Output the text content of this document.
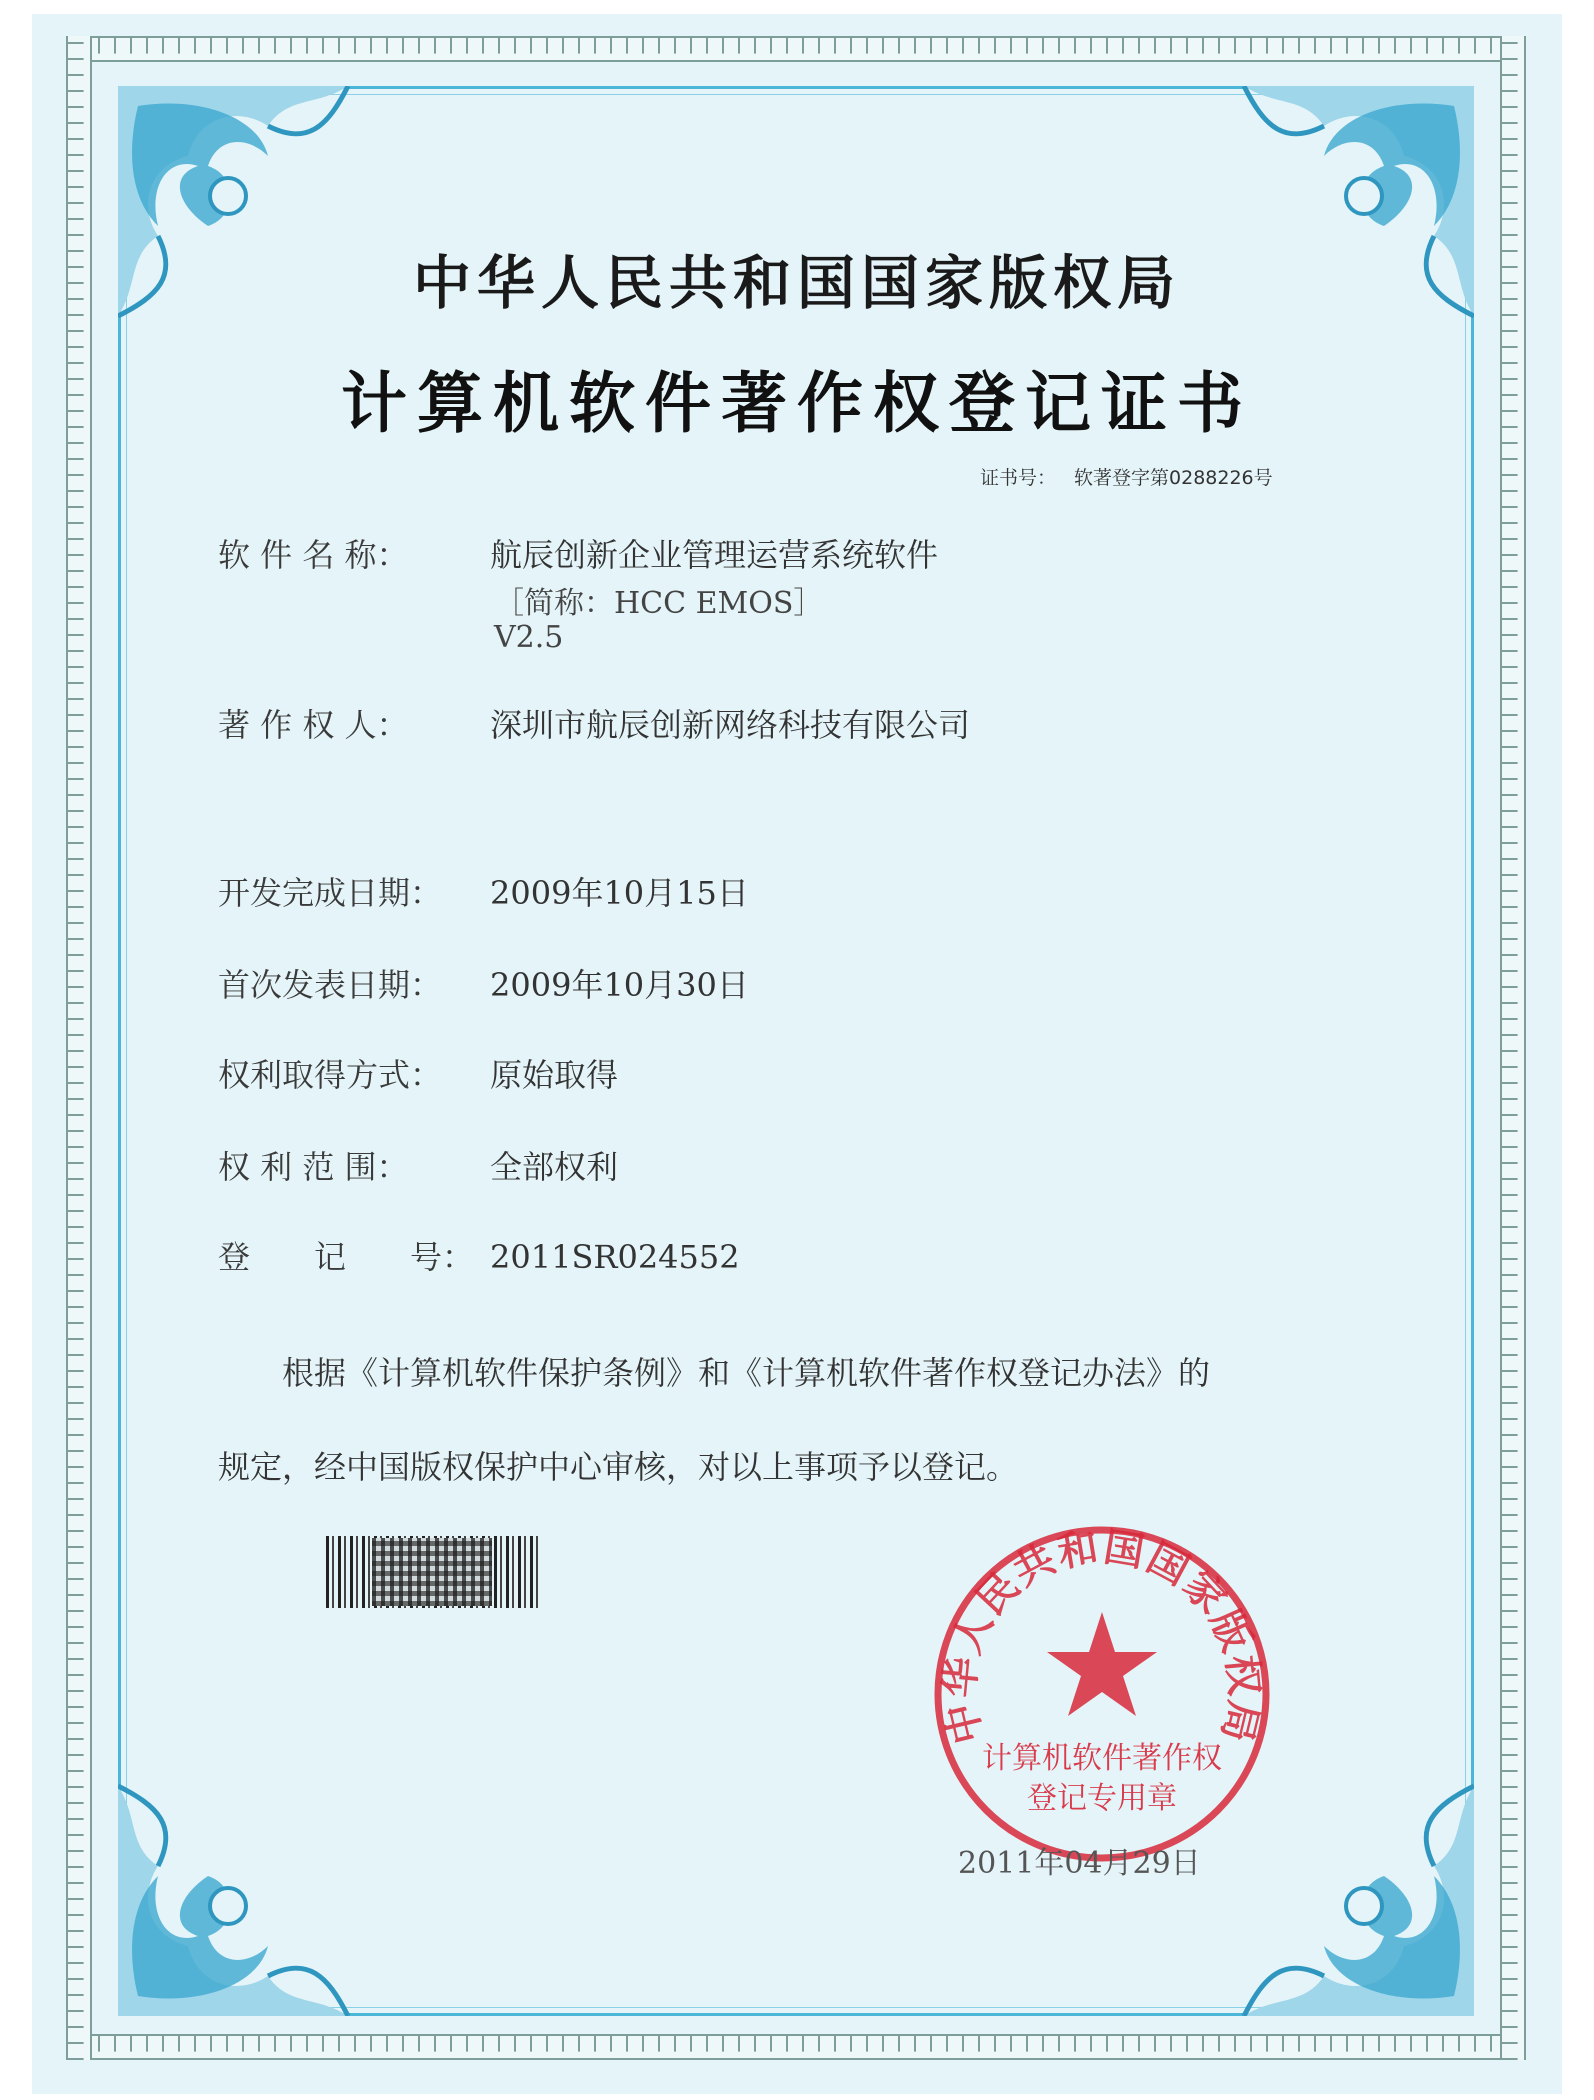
中华人民共和国国家版权局
计算机软件著作权登记证书
证书号： 软著登字第0288226号
软 件 名 称：	航辰创新企业管理运营系统软件
［简称：HCC EMOS］
V2.5
著 作 权 人：	深圳市航辰创新网络科技有限公司
开发完成日期： 2009年10月15日
首次发表日期： 2009年10月30日
权利取得方式： 原始取得
权 利 范 围：	全部权利
登　　记　　号： 2011SR024552
根据《计算机软件保护条例》和《计算机软件著作权登记办法》的
规定，经中国版权保护中心审核，对以上事项予以登记。
中华人民共和国国家版权局
计算机软件著作权
登记专用章
2011年04月29日
